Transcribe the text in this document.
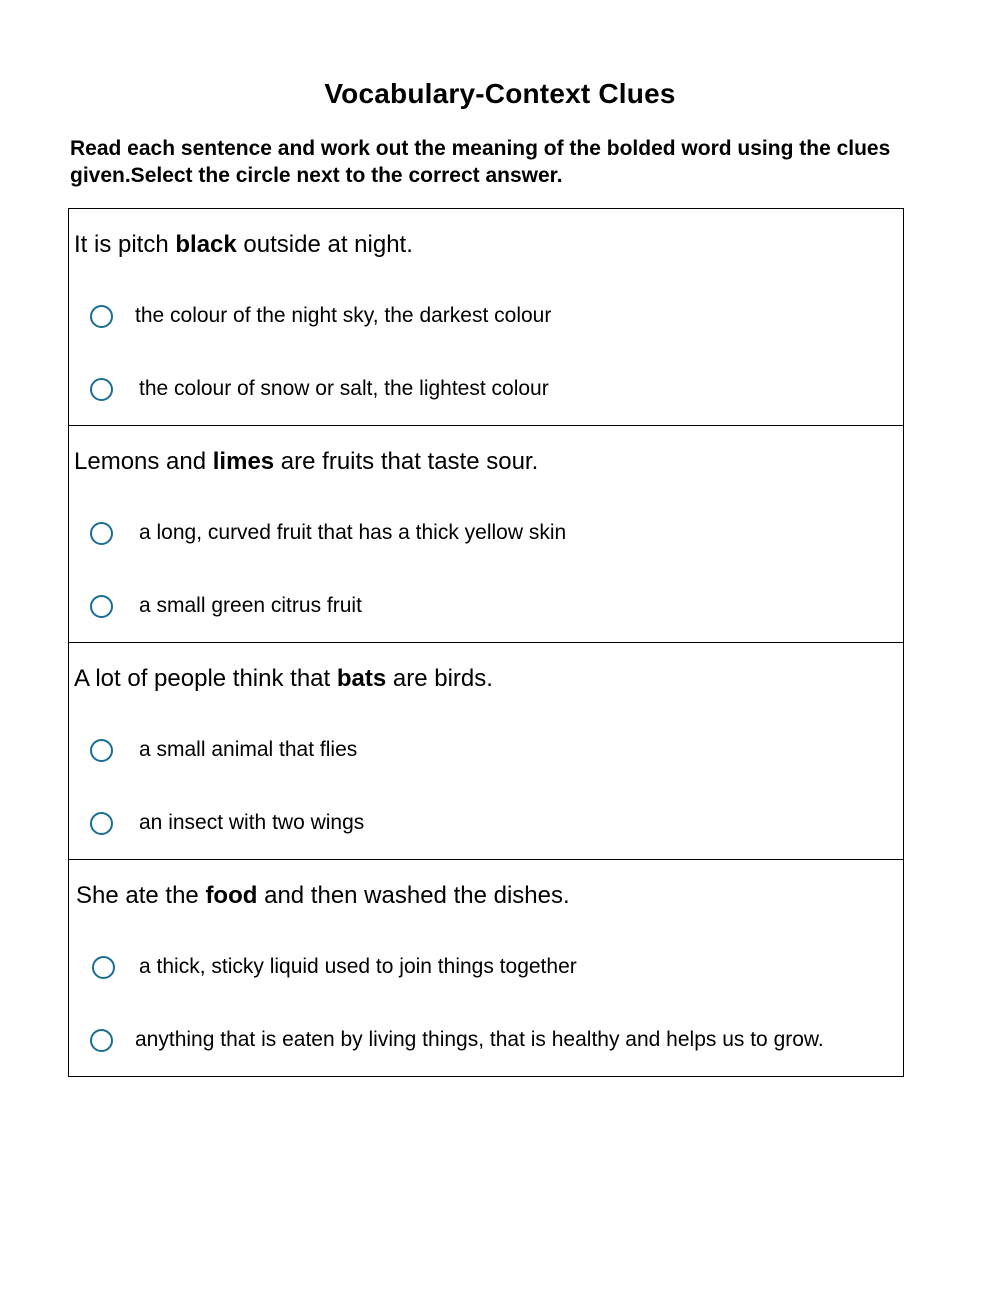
Vocabulary-Context Clues
Read each sentence and work out the meaning of the bolded word using the clues given.Select the circle next to the correct answer.
It is pitch black outside at night.
the colour of the night sky, the darkest colour
the colour of snow or salt, the lightest colour
Lemons and limes are fruits that taste sour.
a long, curved fruit that has a thick yellow skin
a small green citrus fruit
A lot of people think that bats are birds.
a small animal that flies
an insect with two wings
She ate the food and then washed the dishes.
a thick, sticky liquid used to join things together
anything that is eaten by living things, that is healthy and helps us to grow.
